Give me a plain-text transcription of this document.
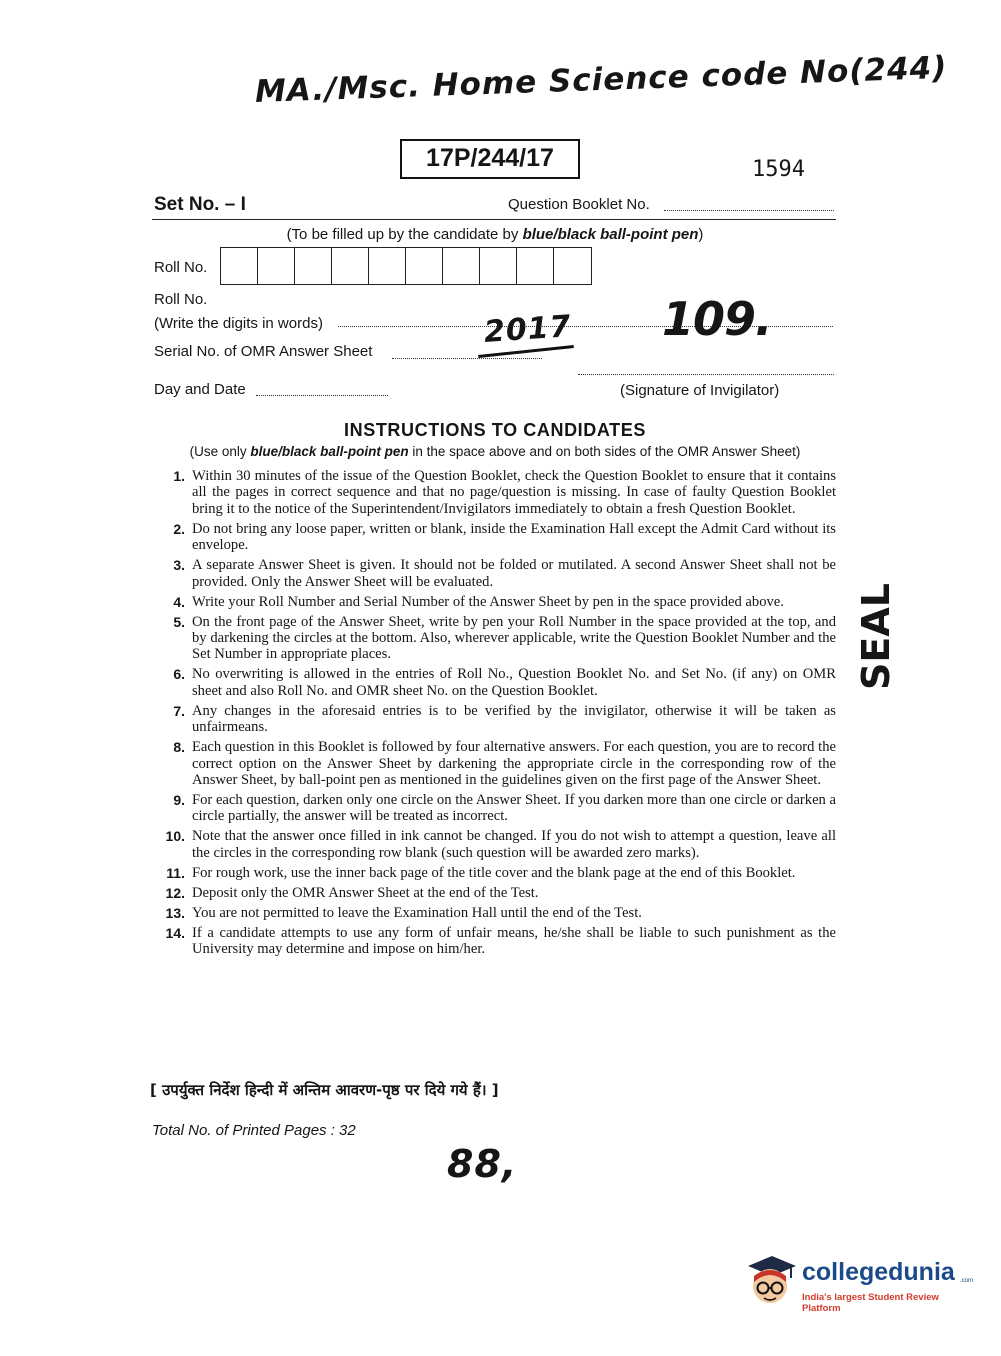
MA./Msc. Home Science code No(244)
17P/244/17	1594
Set No. – I	Question Booklet No.
(To be filled up by the candidate by blue/black ball-point pen)
Roll No.
Roll No.
(Write the digits in words)
Serial No. of OMR Answer Sheet
2017 109.
Day and Date	(Signature of Invigilator)
INSTRUCTIONS TO CANDIDATES
(Use only blue/black ball-point pen in the space above and on both sides of the OMR Answer Sheet)
1. Within 30 minutes of the issue of the Question Booklet, check the Question Booklet to ensure that it contains all the pages in correct sequence and that no page/question is missing. In case of faulty Question Booklet bring it to the notice of the Superintendent/Invigilators immediately to obtain a fresh Question Booklet.
2. Do not bring any loose paper, written or blank, inside the Examination Hall except the Admit Card without its envelope.
3. A separate Answer Sheet is given. It should not be folded or mutilated. A second Answer Sheet shall not be provided. Only the Answer Sheet will be evaluated.
4. Write your Roll Number and Serial Number of the Answer Sheet by pen in the space provided above.
5. On the front page of the Answer Sheet, write by pen your Roll Number in the space provided at the top, and by darkening the circles at the bottom. Also, wherever applicable, write the Question Booklet Number and the Set Number in appropriate places.
6. No overwriting is allowed in the entries of Roll No., Question Booklet No. and Set No. (if any) on OMR sheet and also Roll No. and OMR sheet No. on the Question Booklet.
7. Any changes in the aforesaid entries is to be verified by the invigilator, otherwise it will be taken as unfairmeans.
8. Each question in this Booklet is followed by four alternative answers. For each question, you are to record the correct option on the Answer Sheet by darkening the appropriate circle in the corresponding row of the Answer Sheet, by ball-point pen as mentioned in the guidelines given on the first page of the Answer Sheet.
9. For each question, darken only one circle on the Answer Sheet. If you darken more than one circle or darken a circle partially, the answer will be treated as incorrect.
10. Note that the answer once filled in ink cannot be changed. If you do not wish to attempt a question, leave all the circles in the corresponding row blank (such question will be awarded zero marks).
11. For rough work, use the inner back page of the title cover and the blank page at the end of this Booklet.
12. Deposit only the OMR Answer Sheet at the end of the Test.
13. You are not permitted to leave the Examination Hall until the end of the Test.
14. If a candidate attempts to use any form of unfair means, he/she shall be liable to such punishment as the University may determine and impose on him/her.
[ उपर्युक्त निर्देश हिन्दी में अन्तिम आवरण-पृष्ठ पर दिये गये हैं। ]
Total No. of Printed Pages : 32
88,
SEAL
collegedunia .com
India's largest Student Review Platform
